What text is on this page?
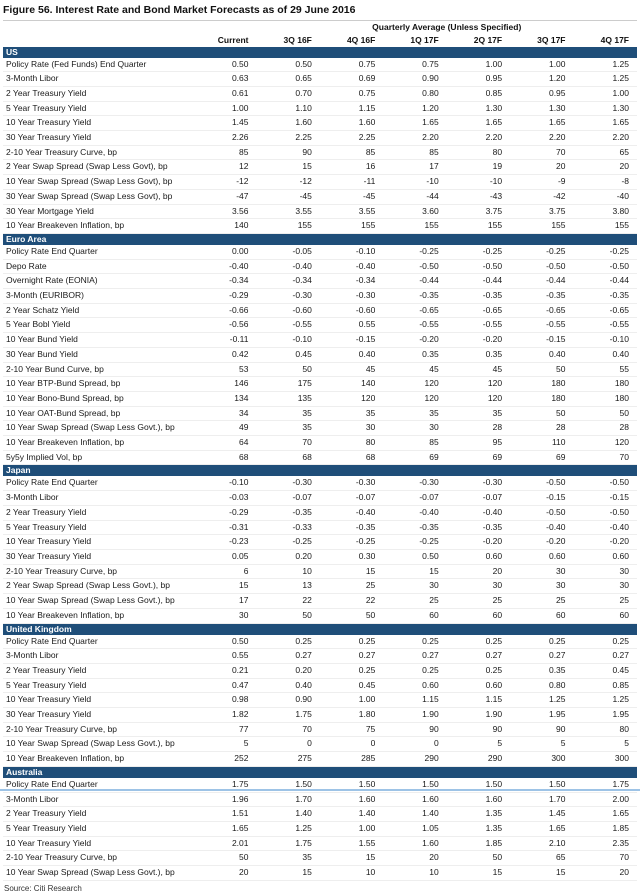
Figure 56. Interest Rate and Bond Market Forecasts as of 29 June 2016
		Quarterly Average (Unless Specified)					
	Current	3Q 16F	4Q 16F	1Q 17F	2Q 17F	3Q 17F	4Q 17F
US							
Policy Rate (Fed Funds) End Quarter	0.50	0.50	0.75	0.75	1.00	1.00	1.25
3-Month Libor	0.63	0.65	0.69	0.90	0.95	1.20	1.25
2 Year Treasury Yield	0.61	0.70	0.75	0.80	0.85	0.95	1.00
5 Year Treasury Yield	1.00	1.10	1.15	1.20	1.30	1.30	1.30
10 Year Treasury Yield	1.45	1.60	1.60	1.65	1.65	1.65	1.65
30 Year Treasury Yield	2.26	2.25	2.25	2.20	2.20	2.20	2.20
2-10 Year Treasury Curve, bp	85	90	85	85	80	70	65
2 Year Swap Spread (Swap Less Govt), bp	12	15	16	17	19	20	20
10 Year Swap Spread (Swap Less Govt), bp	-12	-12	-11	-10	-10	-9	-8
30 Year Swap Spread (Swap Less Govt), bp	-47	-45	-45	-44	-43	-42	-40
30 Year Mortgage Yield	3.56	3.55	3.55	3.60	3.75	3.75	3.80
10 Year Breakeven Inflation, bp	140	155	155	155	155	155	155
Euro Area							
Policy Rate End Quarter	0.00	-0.05	-0.10	-0.25	-0.25	-0.25	-0.25
Depo Rate	-0.40	-0.40	-0.40	-0.50	-0.50	-0.50	-0.50
Overnight Rate (EONIA)	-0.34	-0.34	-0.34	-0.44	-0.44	-0.44	-0.44
3-Month (EURIBOR)	-0.29	-0.30	-0.30	-0.35	-0.35	-0.35	-0.35
2 Year Schatz Yield	-0.66	-0.60	-0.60	-0.65	-0.65	-0.65	-0.65
5 Year Bobl Yield	-0.56	-0.55	0.55	-0.55	-0.55	-0.55	-0.55
10 Year Bund Yield	-0.11	-0.10	-0.15	-0.20	-0.20	-0.15	-0.10
30 Year Bund Yield	0.42	0.45	0.40	0.35	0.35	0.40	0.40
2-10 Year Bund Curve, bp	53	50	45	45	45	50	55
10 Year BTP-Bund Spread, bp	146	175	140	120	120	180	180
10 Year Bono-Bund Spread, bp	134	135	120	120	120	180	180
10 Year OAT-Bund Spread, bp	34	35	35	35	35	50	50
10 Year Swap Spread (Swap Less Govt.), bp	49	35	30	30	28	28	28
10 Year Breakeven Inflation, bp	64	70	80	85	95	110	120
5y5y Implied Vol, bp	68	68	68	69	69	69	70
Japan							
Policy Rate End Quarter	-0.10	-0.30	-0.30	-0.30	-0.30	-0.50	-0.50
3-Month Libor	-0.03	-0.07	-0.07	-0.07	-0.07	-0.15	-0.15
2 Year Treasury Yield	-0.29	-0.35	-0.40	-0.40	-0.40	-0.50	-0.50
5 Year Treasury Yield	-0.31	-0.33	-0.35	-0.35	-0.35	-0.40	-0.40
10 Year Treasury Yield	-0.23	-0.25	-0.25	-0.25	-0.20	-0.20	-0.20
30 Year Treasury Yield	0.05	0.20	0.30	0.50	0.60	0.60	0.60
2-10 Year Treasury Curve, bp	6	10	15	15	20	30	30
2 Year Swap Spread (Swap Less Govt.), bp	15	13	25	30	30	30	30
10 Year Swap Spread (Swap Less Govt.), bp	17	22	22	25	25	25	25
10 Year Breakeven Inflation, bp	30	50	50	60	60	60	60
United Kingdom							
Policy Rate End Quarter	0.50	0.25	0.25	0.25	0.25	0.25	0.25
3-Month Libor	0.55	0.27	0.27	0.27	0.27	0.27	0.27
2 Year Treasury Yield	0.21	0.20	0.25	0.25	0.25	0.35	0.45
5 Year Treasury Yield	0.47	0.40	0.45	0.60	0.60	0.80	0.85
10 Year Treasury Yield	0.98	0.90	1.00	1.15	1.15	1.25	1.25
30 Year Treasury Yield	1.82	1.75	1.80	1.90	1.90	1.95	1.95
2-10 Year Treasury Curve, bp	77	70	75	90	90	90	80
10 Year Swap Spread (Swap Less Govt.), bp	5	0	0	0	5	5	5
10 Year Breakeven Inflation, bp	252	275	285	290	290	300	300
Australia							
Policy Rate End Quarter	1.75	1.50	1.50	1.50	1.50	1.50	1.75
3-Month Libor	1.96	1.70	1.60	1.60	1.60	1.70	2.00
2 Year Treasury Yield	1.51	1.40	1.40	1.40	1.35	1.45	1.65
5 Year Treasury Yield	1.65	1.25	1.00	1.05	1.35	1.65	1.85
10 Year Treasury Yield	2.01	1.75	1.55	1.60	1.85	2.10	2.35
2-10 Year Treasury Curve, bp	50	35	15	20	50	65	70
10 Year Swap Spread (Swap Less Govt.), bp	20	15	10	10	15	15	20
Source: Citi Research
